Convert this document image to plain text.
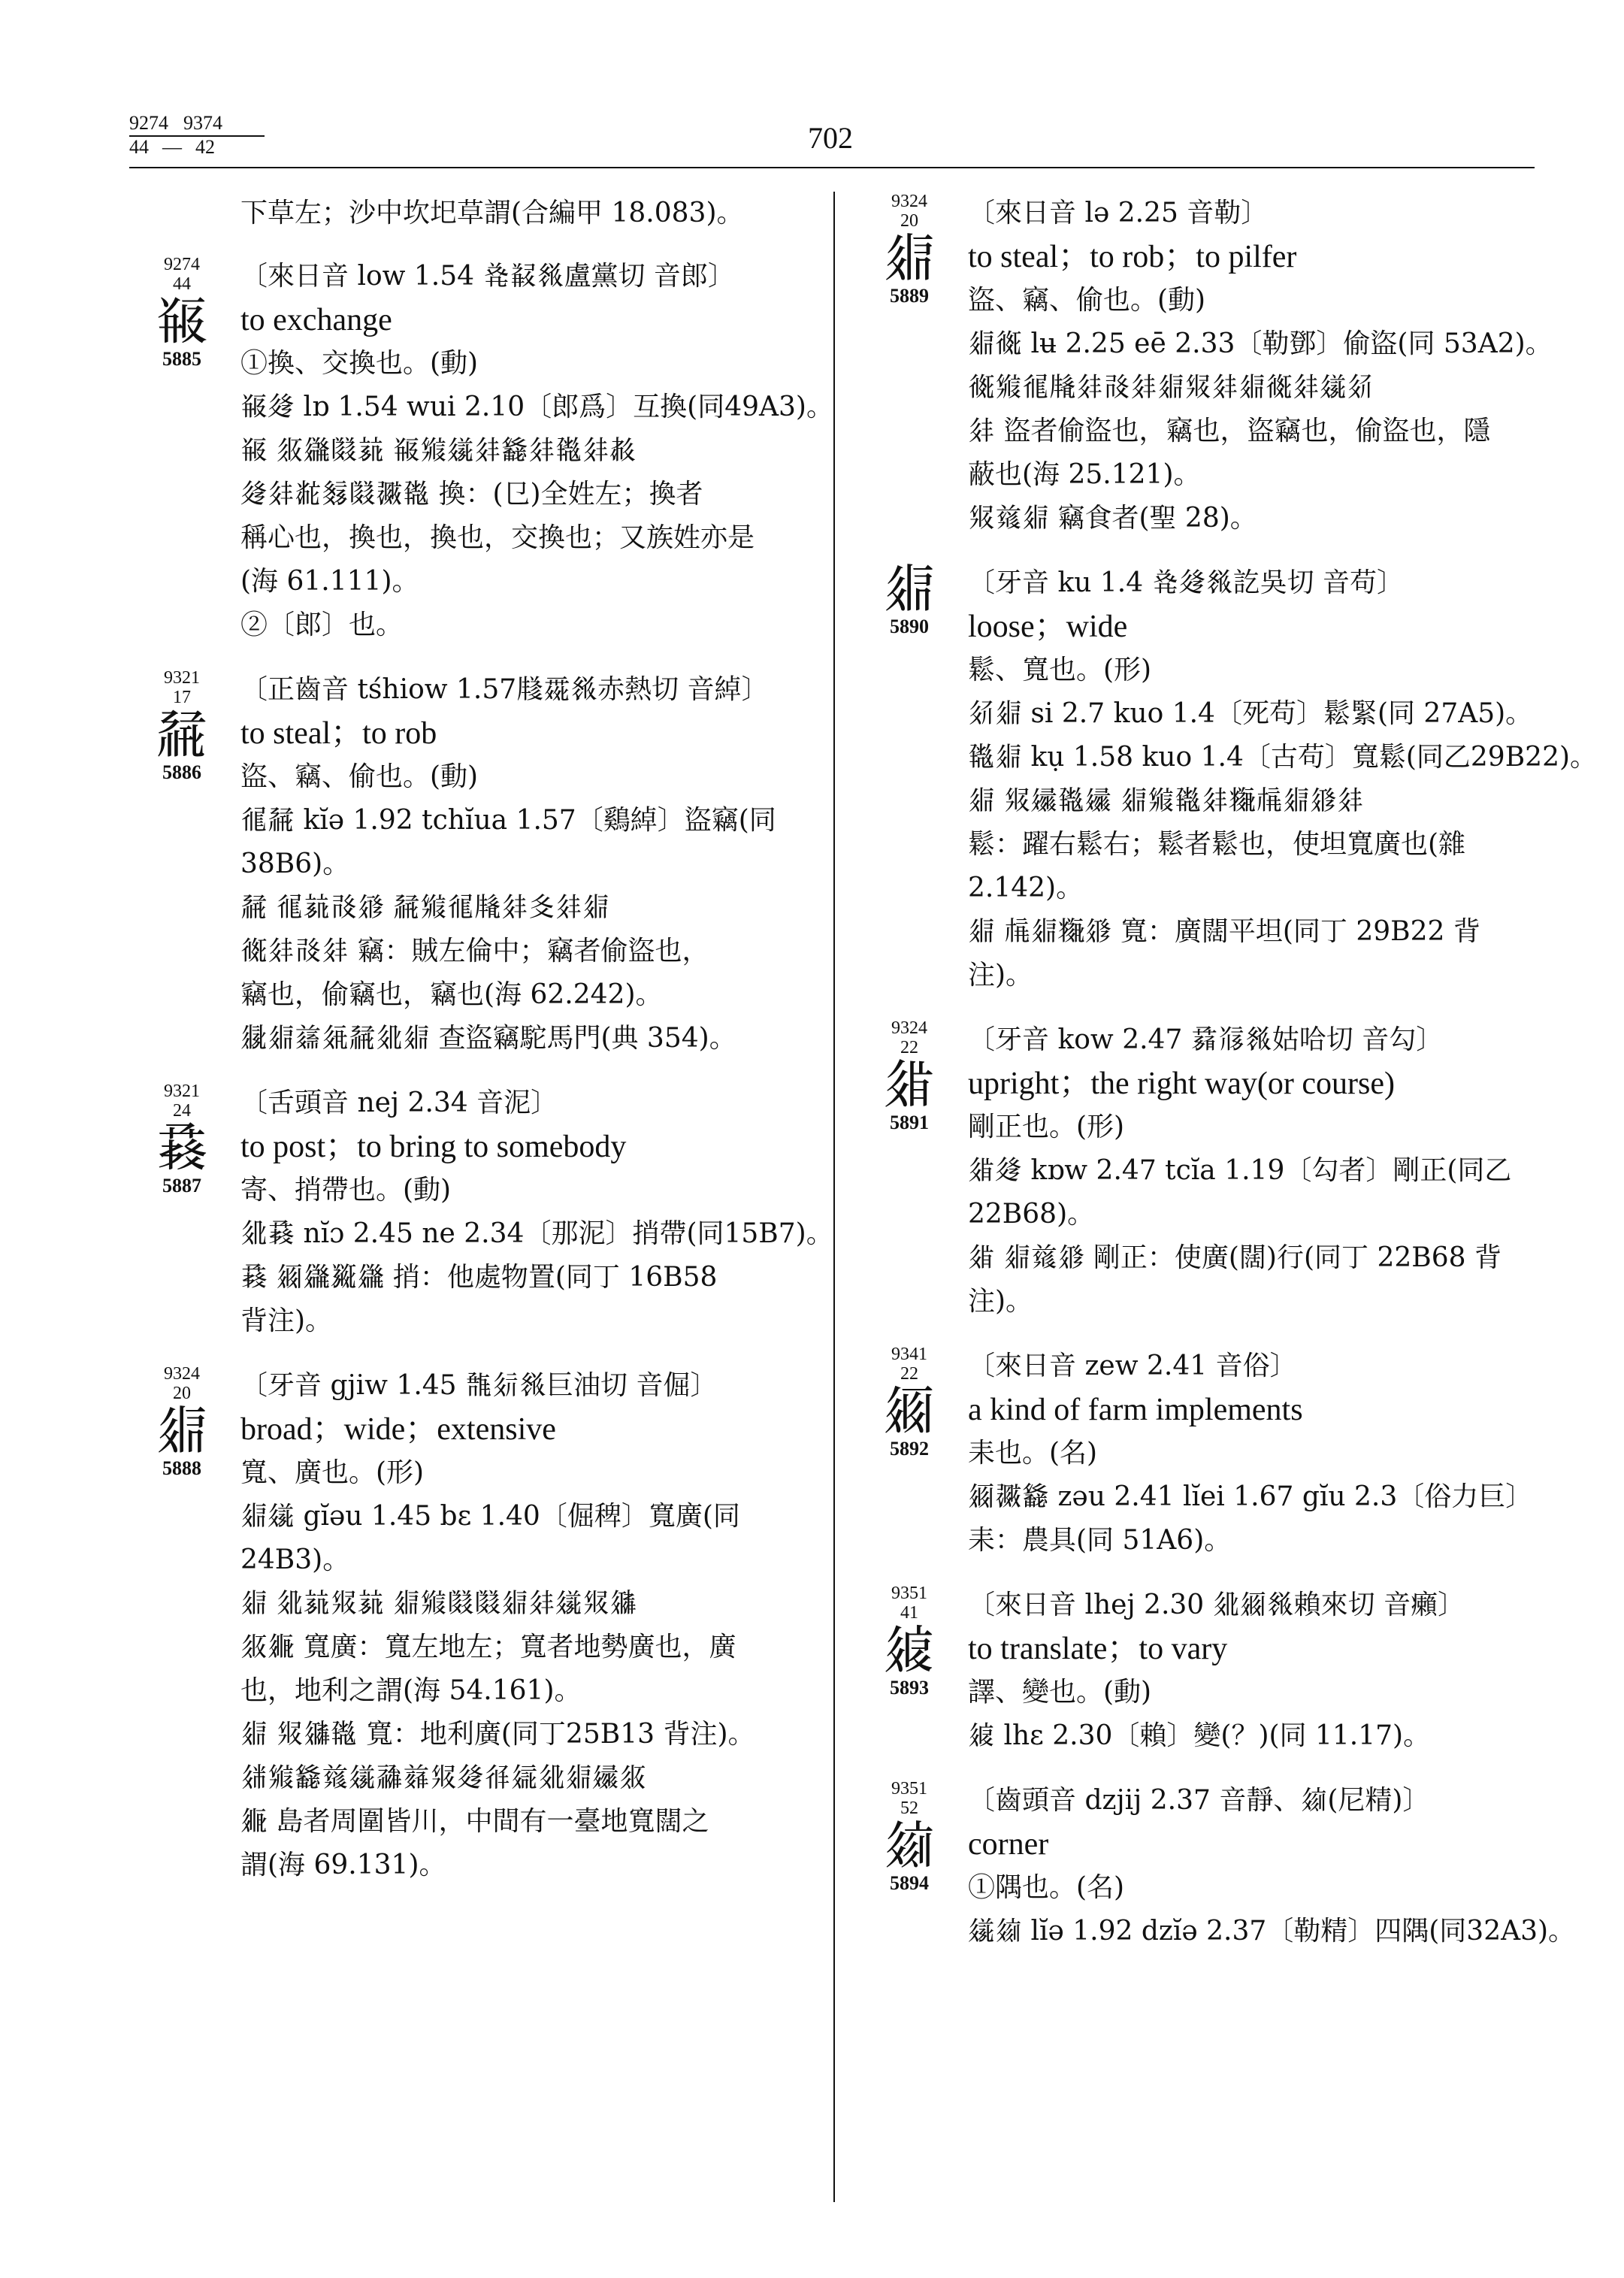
9274 9374
44 — 42	702
下草左；沙中坎圯草謂(合編甲 18.083)。
9274
44
𘂀
5885
〔來日音 low 1.54 𘑗𘗠𗬩盧黨切 音郎〕
to exchange
①換、交換也。(動)
𘂀𗫶 lɒ 1.54 wui 2.10〔郎爲〕互換(同49A3)。
𘂀 𗼇𗫈𗂸𗭪 𘂀𗋚𗦾𗢳𗴮𗢳𗱊𗢳𗳒
𗫶𗢳𘂐𘊐𗂸𗗂𗱊 換：(㔾)全姓左；換者
稱心也，換也，換也，交換也；又族姓亦是
(海 61.111)。
②〔郎〕也。
9321
17
𗴆
5886
〔正齒音 tśhiow 1.57𗹦𗴺𗬩赤熱切 音綽〕
to steal；to rob
盜、竊、偷也。(動)
𗢛𗴆 kĭə 1.92 tchĭua 1.57〔鷄綽〕盜竊(同
38B6)。
𗴆 𗢛𗭪𗰗𗤂 𗴆𗋚𗢛𗹥𗢳𗾆𗢳𗤋
𗢠𗢳𗰗𗢳 竊：賊左倫中；竊者偷盜也，
竊也，偷竊也，竊也(海 62.242)。
𗼑𗤋𗓞𗣓𗴆𗢭𗤋 查盜竊駝馬門(典 354)。
9321
24
𗱢
5887
〔舌頭音 nej 2.34 音泥〕
to post；to bring to somebody
寄、捎帶也。(動)
𗢭𗱢 nĭɔ 2.45 ne 2.34〔那泥〕捎帶(同15B7)。
𗱢 𗥃𗫈𗰃𗫈 捎：他處物置(同丁 16B58
背注)。
9324
20
𗤋
5888
〔牙音 gjiw 1.45 𘘛𗢴𗬩巨油切 音倔〕
broad；wide；extensive
寬、廣也。(形)
𗤋𗦾 gĭəu 1.45 bɛ 1.40〔倔稗〕寬廣(同
24B3)。
𗤋 𗢭𗭪𗊛𗭪 𗤋𗋚𗂸𗂸𗤋𗢳𗦾𗊛𗦟
𗼇𗦪 寬廣：寬左地左；寬者地勢廣也，廣
也，地利之謂(海 54.161)。
𗤋 𗊛𗦟𗱊 寬：地利廣(同丁25B13 背注)。
𗤢𗋚𗴮𗒛𗦾𗹕𗒤𗊛𗫶𗢏𗦇𗢭𗤋𗫐𗼇
𗦪 島者周圍皆川，中間有一臺地寬闊之
謂(海 69.131)。
9324
20
𗤋
5889
〔來日音 lə 2.25 音勒〕
to steal；to rob；to pilfer
盜、竊、偷也。(動)
𗤋𗢠 lʉ 2.25 eē 2.33〔勒鄧〕偷盜(同 53A2)。
𗢠𗋚𗢛𗹥𗢳𗰗𗢳𗤋𗊛𗢳𗤋𗢠𗢳𗦾𗢯
𗢳 盜者偷盜也，竊也，盜竊也，偷盜也，隱
蔽也(海 25.121)。
𗊛𗒛𗤋 竊食者(聖 28)。
𗤋
5890
〔牙音 ku 1.4 𘑗𗫶𗬩訖吳切 音苟〕
loose；wide
鬆、寬也。(形)
𗢯𗤋 si 2.7 kuo 1.4〔死苟〕鬆緊(同 27A5)。
𗱊𗤋 kụ 1.58 kuo 1.4〔古苟〕寬鬆(同乙29B22)。
𗤋 𗊛𗫐𗱊𗫐 𗤋𗋚𗱊𗢳𗯝𗍫𗤋𗤁𗢳
鬆：躍右鬆右；鬆者鬆也，使坦寬廣也(雜
2.142)。
𗤋 𗍫𗤋𗯝𗤁 寬：廣闊平坦(同丁 29B22 背
注)。
9324
22
𗤊
5891
〔牙音 kow 2.47 𗱣𗭼𗬩姑哈切 音勾〕
upright；the right way(or course)
剛正也。(形)
𗤊𗫶 kɒw 2.47 tcĭa 1.19〔勾者〕剛正(同乙
22B68)。
𗤊 𗤋𗒛𗤁 剛正：使廣(闊)行(同丁 22B68 背
注)。
9341
22
𗥃
5892
〔來日音 zew 2.41 音俗〕
a kind of farm implements
耒也。(名)
𗥃𗗂𗴮 zəu 2.41 lĭei 1.67 gĭu 2.3〔俗力巨〕
耒：農具(同 51A6)。
9351
41
𗦺
5893
〔來日音 lhej 2.30 𗢭𗥃𗬩賴來切 音癩〕
to translate；to vary
譯、變也。(動)
𗦺 lhɛ 2.30〔賴〕變(？)(同 11.17)。
9351
52
𗦻
5894
〔齒頭音 dzjij 2.37 音靜、𗦻(尼精)〕
corner
①隅也。(名)
𗦾𗦻 lĭə 1.92 dzĭə 2.37〔勒精〕四隅(同32A3)。
